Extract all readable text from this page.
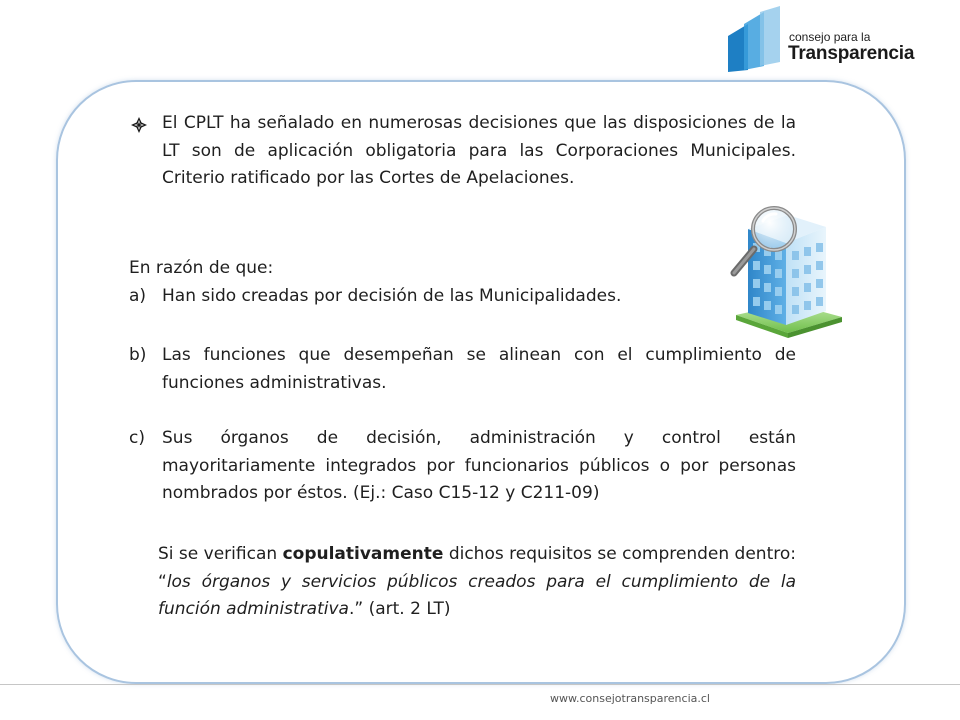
consejo para la
Transparencia
El CPLT ha señalado en numerosas decisiones que las disposiciones de la LT son de aplicación obligatoria para las Corporaciones Municipales. Criterio ratificado por las Cortes de Apelaciones.
En razón de que:
a) Han sido creadas por decisión de las Municipalidades.
b) Las funciones que desempeñan se alinean con el cumplimiento de funciones administrativas.
c) Sus órganos de decisión, administración y control están mayoritariamente integrados por funcionarios públicos o por personas nombrados por éstos. (Ej.: Caso C15-12 y C211-09)
Si se verifican copulativamente dichos requisitos se comprenden dentro: “los órganos y servicios públicos creados para el cumplimiento de la función administrativa.” (art. 2 LT)
www.consejotransparencia.cl
